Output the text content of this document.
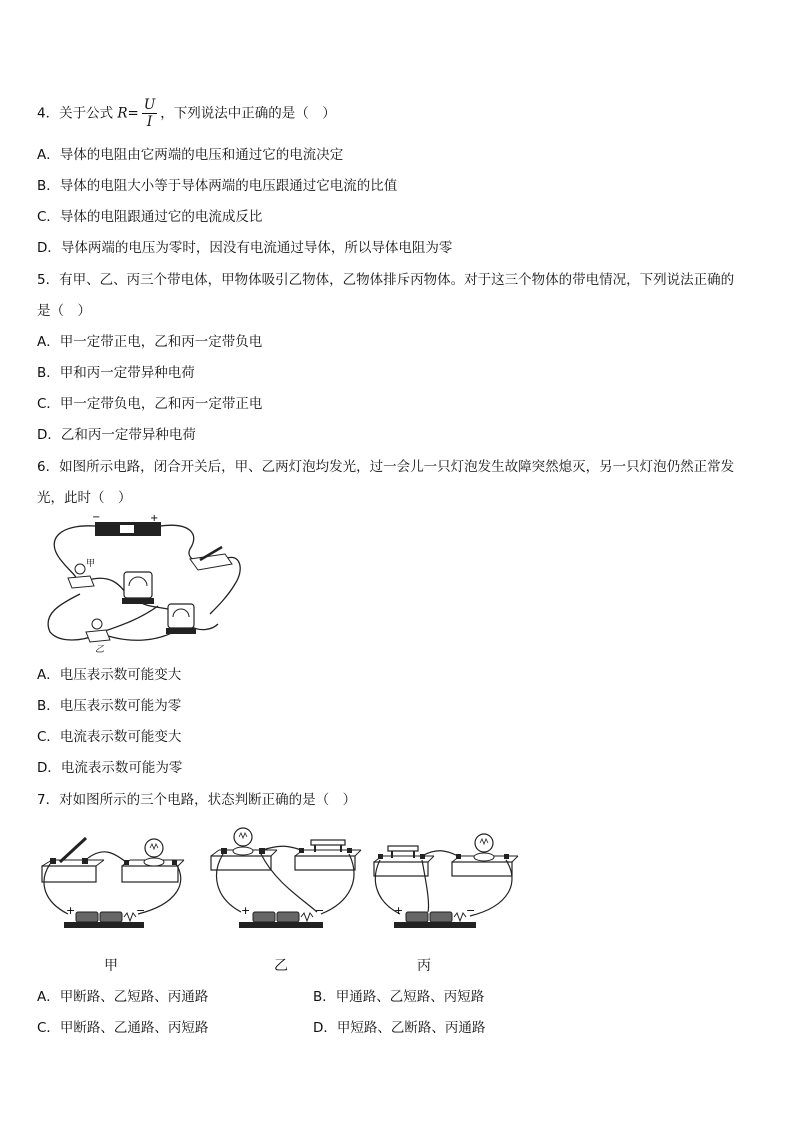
4．关于公式 $R= \frac{U}{I}$ ，下列说法中正确的是（　）
A．导体的电阻由它两端的电压和通过它的电流决定
B．导体的电阻大小等于导体两端的电压跟通过它电流的比值
C．导体的电阻跟通过它的电流成反比
D．导体两端的电压为零时，因没有电流通过导体，所以导体电阻为零
5．有甲、乙、丙三个带电体，甲物体吸引乙物体，乙物体排斥丙物体。对于这三个物体的带电情况，下列说法正确的
是（　）
A．甲一定带正电，乙和丙一定带负电
B．甲和丙一定带异种电荷
C．甲一定带负电，乙和丙一定带正电
D．乙和丙一定带异种电荷
6．如图所示电路，闭合开关后，甲、乙两灯泡均发光，过一会儿一只灯泡发生故障突然熄灭，另一只灯泡仍然正常发
光，此时（　）
−	+
甲
乙
A．电压表示数可能变大
B．电压表示数可能为零
C．电流表示数可能变大
D．电流表示数可能为零
7．对如图所示的三个电路，状态判断正确的是（　）
+	−	+	−	+	−
甲	乙	丙
A．甲断路、乙短路、丙通路	B．甲通路、乙短路、丙短路
C．甲断路、乙通路、丙短路	D．甲短路、乙断路、丙通路
